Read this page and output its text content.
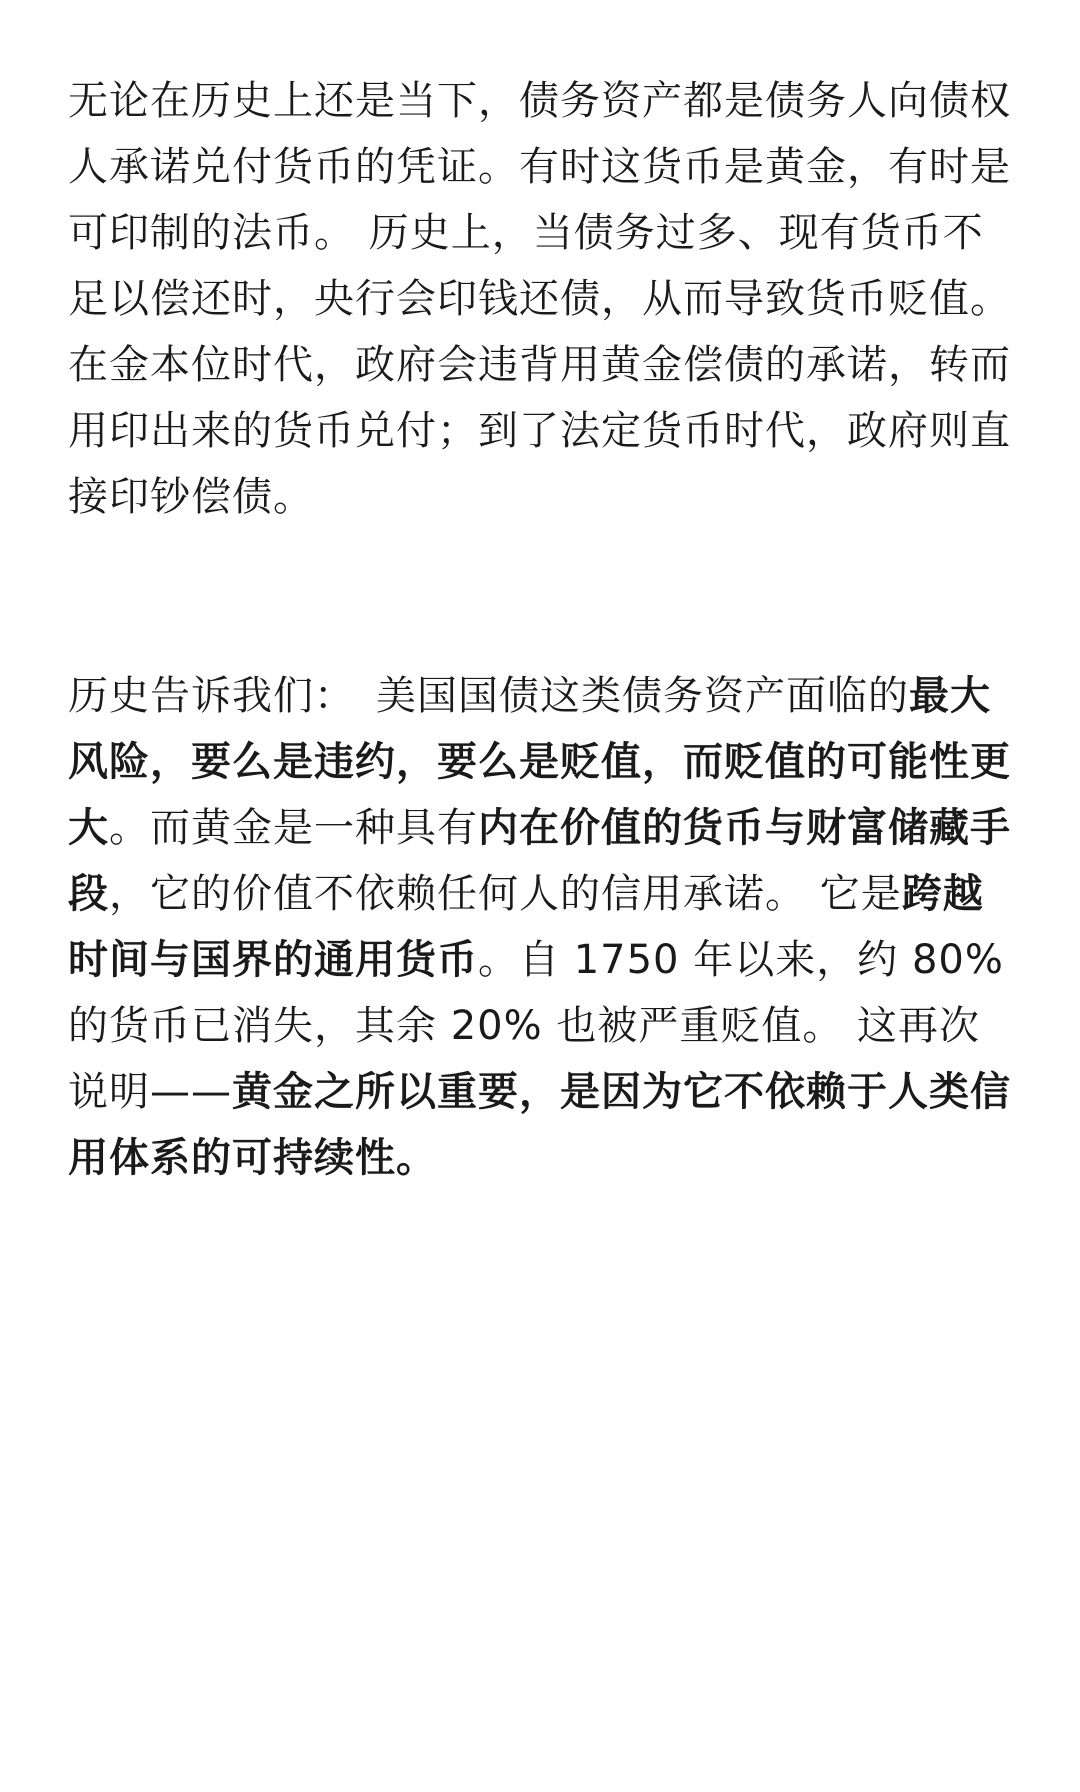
无论在历史上还是当下，债务资产都是债务人向债权人承诺兑付货币的凭证。有时这货币是黄金，有时是可印制的法币。 历史上，当债务过多、现有货币不足以偿还时，央行会印钱还债，从而导致货币贬值。在金本位时代，政府会违背用黄金偿债的承诺，转而用印出来的货币兑付；到了法定货币时代，政府则直接印钞偿债。

历史告诉我们：　美国国债这类债务资产面临的最大风险，要么是违约，要么是贬值，而贬值的可能性更大。而黄金是一种具有内在价值的货币与财富储藏手段，它的价值不依赖任何人的信用承诺。 它是跨越时间与国界的通用货币。自 1750 年以来，约 80% 的货币已消失，其余 20% 也被严重贬值。 这再次说明——黄金之所以重要，是因为它不依赖于人类信用体系的可持续性。
